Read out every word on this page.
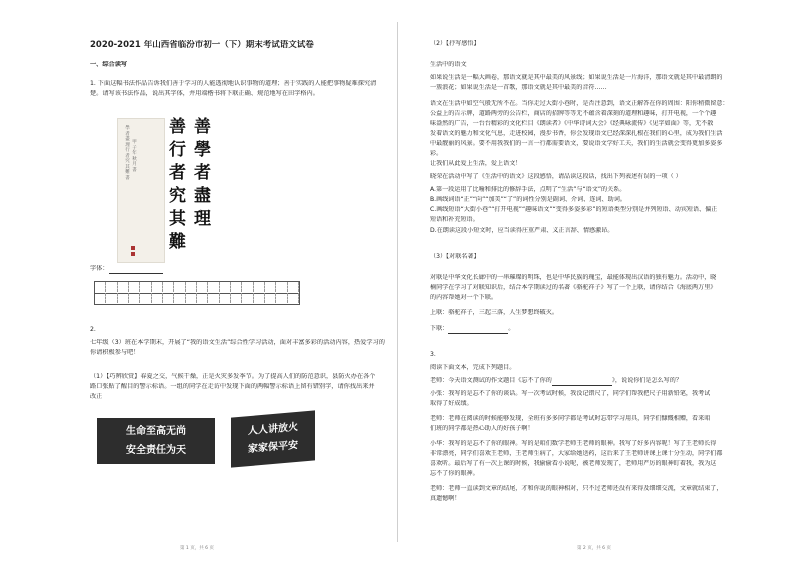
2020-2021 年山西省临汾市初一（下）期末考试语文试卷
一、综合读写
1. 下面这幅书法作品告诉我们善于学习的人能透彻地认识事物的道理；善于实践的人能把事物疑难探究清
楚。请写该书法作品，说出其字体，并用端楷书将下联正确、规范地写在田字格内。
學者盡理行者究其難書
甲子年秋月書
善學者盡理
善行者究其難
字体：
2.
七年级（3）班在本学期末，开展了“我的语文生活”综合性学习活动，面对丰富多彩的活动内容，热爱学习的
你请积极参与吧！
（1）【巧辨欣赏】春夏之交，气候干燥，正是火灾多发季节。为了提高人们的防范意识，县防火办在各个
路口张贴了醒目的警示标语。一组的同学在走访中发现下面的两幅警示标语上留有错别字，请你找出来并
改正
生命至高无尚
安全责任为天
人人讲放火
家家保平安
第 1 页，共 6 页
（2）【抒写感悟】
生活中的语文
如果说生活是一幅大画卷，那语文就是其中最美的风景线；如果说生活是一片海洋，那语文就是其中最清朗的
一簇浪花；如果说生活是一首歌，那语文就是其中最美的音符……
语文在生活中如空气般无所不在。当你走过大街小巷时，是否注意到，语文正解答在你的周围：阳你稍微留意：
公益上的告示牌，道路两旁的公告栏，商店的招牌等等无不蕴含着深刻的道理和趣味，打开电视，一个个趣
味盎然的广告，一台台精彩的文化栏目《朗读者》《中华诗词大会》《经典咏流传》《见字如面》等，无不散
发着语文的魅力和文化气息，走进校园，漫步书香，你会发现语文已经深深扎根在我们的心里，成为我们生活
中最靓丽的风景。要不用我我们的一言一行都需要语文，要说语文学好工夫，我们的生活就会变得更加多姿多
彩。
让我们从此爱上生活，爱上语文！
晓荣在活动中写了《生活中的语文》这段感悟，请品读这段话，找出下列表述有误的一项（ ）
A.第一段运用了比喻和排比的修辞手法，点明了“生活”与“语文”的关系。
B.画线词语“正”“向”“加美”“了”的词性分别是副词、介词、连词、助词。
C.画线短语“大街小巷”“打开电视”“趣味语文”“变得多姿多彩”的短语类型分别是并列短语、动宾短语、偏正
短语和补充短语。
D.在朗读这段小短文时，应当读得庄重严肃、义正言辞、情感激昂。
（3）【对联名著】
对联是中华文化长廊中的一串璀璨的明珠，也是中华民族的瑰宝，最能体现出汉语的独有魅力。活动中，晓
楠同学在学习了对联知识后，结合本学期读过的名著《骆驼祥子》写了一个上联，请你结合《海底两万里》
的内容帮她对一个下联。
上联：骆驼祥子，三起三落，人生梦想终破灭。
下联：	。
3.
阅读下面文本，完成下列题目。
老师：今天语文测试的作文题目《忘不了你的	》，说说你们是怎么写的？
小张：我写的是忘不了你的谈话。写一次考试时候，我没记错尺了，同学们帮我把尺子用新铅笔，我考试
取得了好成绩。
老师：老师在阅读的时候能够发现，全班有多多同学都是考试时忘带学习用具，同学们慷慨相赠，看来咱
们班的同学都是热心助人的好孩子啊！
小华：我写的是忘不了你的眼神。写的是咱们数学老师王老师的眼神。我写了好多内容呢！写了王老师长得
非常漂亮，同学们喜欢王老师，王老师生病了，大家给她送药，这后来了王老师讲课上课十分生动，同学们都
喜欢听。最后写了有一次上课的时候，我偷偷看小说呢，被老师发现了，老师用严厉的眼神盯着我，我为这
忘不了你的眼神。
老师：老师一直读到文章的结尾，才和你说的眼神相对，只不过老师还没有来得及细细交流，文章就结束了，
真遗憾啊！
第 2 页，共 6 页
